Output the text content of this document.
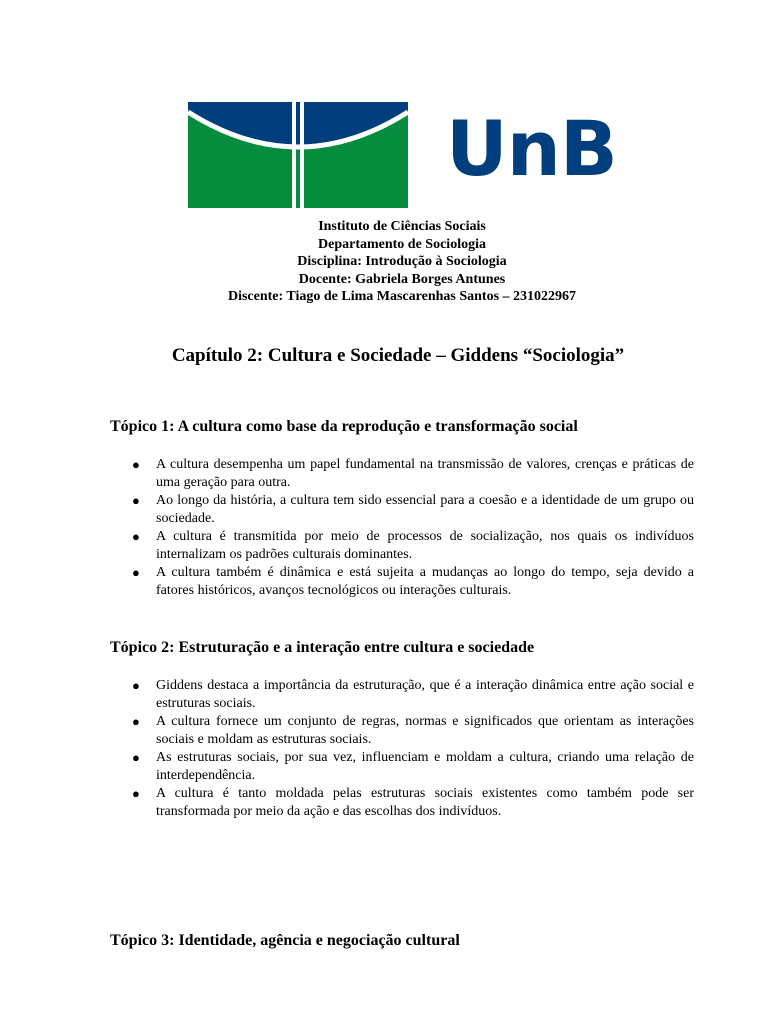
UnB
Instituto de Ciências Sociais
Departamento de Sociologia
Disciplina: Introdução à Sociologia
Docente: Gabriela Borges Antunes
Discente: Tiago de Lima Mascarenhas Santos – 231022967
Capítulo 2: Cultura e Sociedade – Giddens “Sociologia”
Tópico 1: A cultura como base da reprodução e transformação social
● A cultura desempenha um papel fundamental na transmissão de valores, crenças e práticas de uma geração para outra.
● Ao longo da história, a cultura tem sido essencial para a coesão e a identidade de um grupo ou sociedade.
● A cultura é transmitida por meio de processos de socialização, nos quais os indivíduos internalizam os padrões culturais dominantes.
● A cultura também é dinâmica e está sujeita a mudanças ao longo do tempo, seja devido a fatores históricos, avanços tecnológicos ou interações culturais.
Tópico 2: Estruturação e a interação entre cultura e sociedade
● Giddens destaca a importância da estruturação, que é a interação dinâmica entre ação social e estruturas sociais.
● A cultura fornece um conjunto de regras, normas e significados que orientam as interações sociais e moldam as estruturas sociais.
● As estruturas sociais, por sua vez, influenciam e moldam a cultura, criando uma relação de interdependência.
● A cultura é tanto moldada pelas estruturas sociais existentes como também pode ser transformada por meio da ação e das escolhas dos indivíduos.
Tópico 3: Identidade, agência e negociação cultural
